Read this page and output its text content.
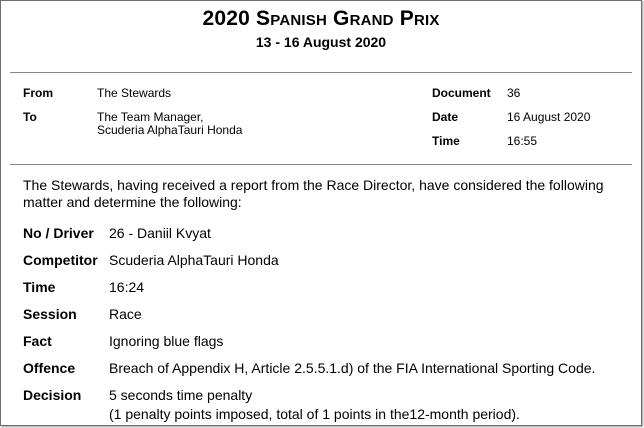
2020 Spanish Grand Prix
13 - 16 August 2020
From	The Stewards
To	The Team Manager,
Scuderia AlphaTauri Honda
Document 36
Date	16 August 2020
Time	16:55
The Stewards, having received a report from the Race Director, have considered the following matter and determine the following:
No / Driver	26 - Daniil Kvyat
Competitor Scuderia AlphaTauri Honda
Time	16:24
Session	Race
Fact	Ignoring blue flags
Offence	Breach of Appendix H, Article 2.5.5.1.d) of the FIA International Sporting Code.
Decision	5 seconds time penalty
(1 penalty points imposed, total of 1 points in the12-month period).
